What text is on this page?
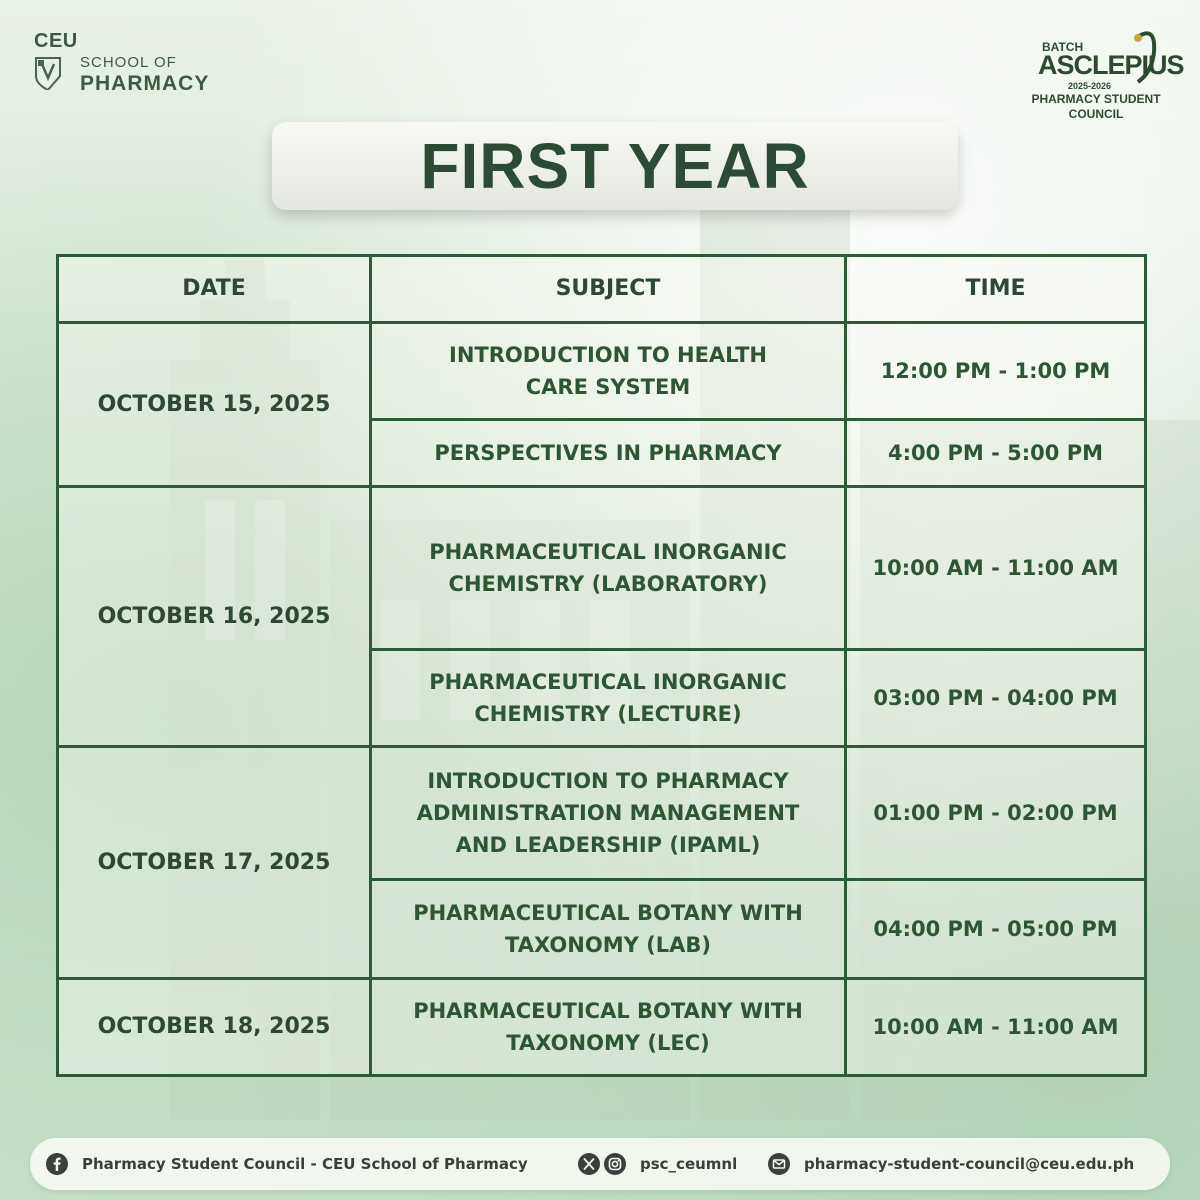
CEU
SCHOOL OF
PHARMACY
BATCH
ASCLEPIUS
2025-2026
PHARMACY STUDENT
COUNCIL
FIRST YEAR
DATE	SUBJECT	TIME
OCTOBER 15, 2025	INTRODUCTION TO HEALTH CARE SYSTEM	12:00 PM - 1:00 PM
	PERSPECTIVES IN PHARMACY	4:00 PM - 5:00 PM
OCTOBER 16, 2025	PHARMACEUTICAL INORGANIC CHEMISTRY (LABORATORY)	10:00 AM - 11:00 AM
	PHARMACEUTICAL INORGANIC CHEMISTRY (LECTURE)	03:00 PM - 04:00 PM
OCTOBER 17, 2025	INTRODUCTION TO PHARMACY ADMINISTRATION MANAGEMENT AND LEADERSHIP (IPAML)	01:00 PM - 02:00 PM
	PHARMACEUTICAL BOTANY WITH TAXONOMY (LAB)	04:00 PM - 05:00 PM
OCTOBER 18, 2025	PHARMACEUTICAL BOTANY WITH TAXONOMY (LEC)	10:00 AM - 11:00 AM
Pharmacy Student Council - CEU School of Pharmacy	psc_ceumnl	pharmacy-student-council@ceu.edu.ph
